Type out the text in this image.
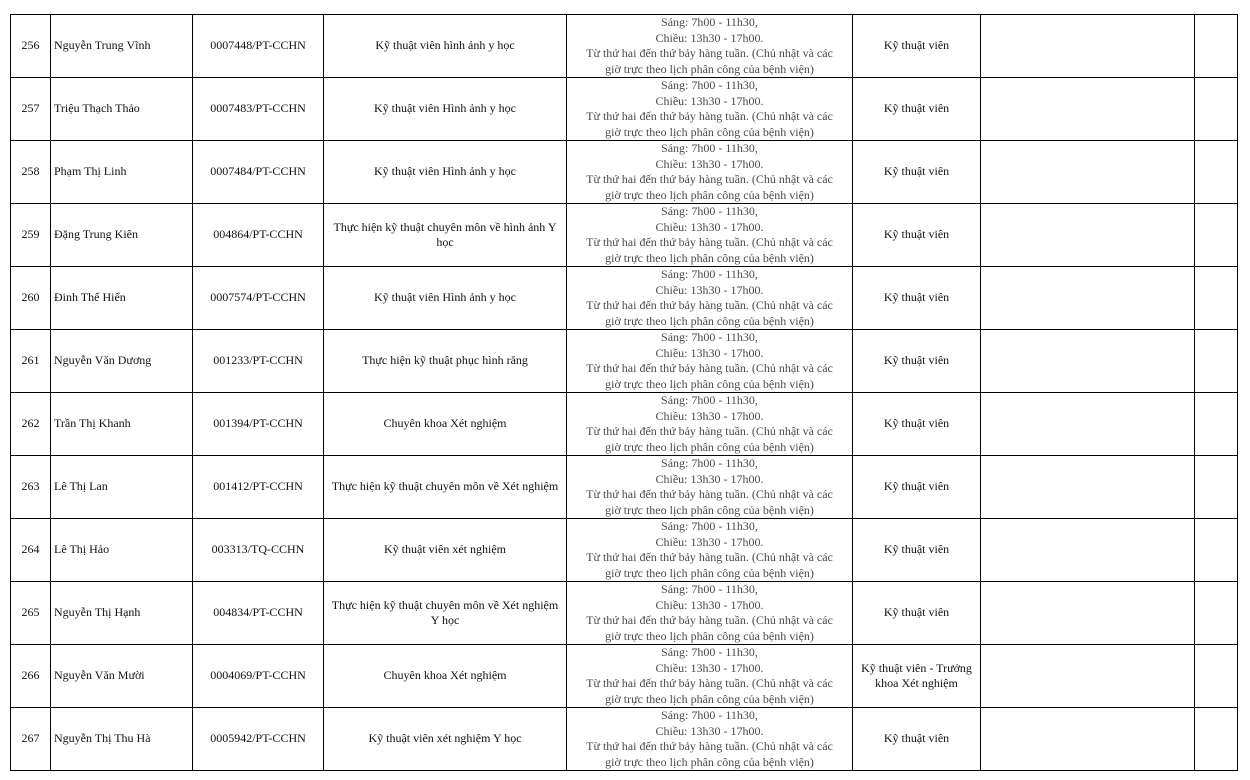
256	Nguyễn Trung Vĩnh	0007448/PT-CCHN	Kỹ thuật viên hình ảnh y học	Sáng: 7h00 - 11h30,
Chiều: 13h30 - 17h00.
Từ thứ hai đến thứ bảy hàng tuần. (Chủ nhật và các
giờ trực theo lịch phân công của bệnh viện)	Kỹ thuật viên		
257	Triệu Thạch Thảo	0007483/PT-CCHN	Kỹ thuật viên Hình ảnh y học	Sáng: 7h00 - 11h30,
Chiều: 13h30 - 17h00.
Từ thứ hai đến thứ bảy hàng tuần. (Chủ nhật và các
giờ trực theo lịch phân công của bệnh viện)	Kỹ thuật viên		
258	Phạm Thị Linh	0007484/PT-CCHN	Kỹ thuật viên Hình ảnh y học	Sáng: 7h00 - 11h30,
Chiều: 13h30 - 17h00.
Từ thứ hai đến thứ bảy hàng tuần. (Chủ nhật và các
giờ trực theo lịch phân công của bệnh viện)	Kỹ thuật viên		
259	Đặng Trung Kiên	004864/PT-CCHN	Thực hiện kỹ thuật chuyên môn về hình ảnh Y học	Sáng: 7h00 - 11h30,
Chiều: 13h30 - 17h00.
Từ thứ hai đến thứ bảy hàng tuần. (Chủ nhật và các
giờ trực theo lịch phân công của bệnh viện)	Kỹ thuật viên		
260	Đinh Thế Hiển	0007574/PT-CCHN	Kỹ thuật viên Hình ảnh y học	Sáng: 7h00 - 11h30,
Chiều: 13h30 - 17h00.
Từ thứ hai đến thứ bảy hàng tuần. (Chủ nhật và các
giờ trực theo lịch phân công của bệnh viện)	Kỹ thuật viên		
261	Nguyễn Văn Dương	001233/PT-CCHN	Thực hiện kỹ thuật phục hình răng	Sáng: 7h00 - 11h30,
Chiều: 13h30 - 17h00.
Từ thứ hai đến thứ bảy hàng tuần. (Chủ nhật và các
giờ trực theo lịch phân công của bệnh viện)	Kỹ thuật viên		
262	Trần Thị Khanh	001394/PT-CCHN	Chuyên khoa Xét nghiệm	Sáng: 7h00 - 11h30,
Chiều: 13h30 - 17h00.
Từ thứ hai đến thứ bảy hàng tuần. (Chủ nhật và các
giờ trực theo lịch phân công của bệnh viện)	Kỹ thuật viên		
263	Lê Thị Lan	001412/PT-CCHN	Thực hiện kỹ thuật chuyên môn về Xét nghiệm	Sáng: 7h00 - 11h30,
Chiều: 13h30 - 17h00.
Từ thứ hai đến thứ bảy hàng tuần. (Chủ nhật và các
giờ trực theo lịch phân công của bệnh viện)	Kỹ thuật viên		
264	Lê Thị Hảo	003313/TQ-CCHN	Kỹ thuật viên xét nghiệm	Sáng: 7h00 - 11h30,
Chiều: 13h30 - 17h00.
Từ thứ hai đến thứ bảy hàng tuần. (Chủ nhật và các
giờ trực theo lịch phân công của bệnh viện)	Kỹ thuật viên		
265	Nguyễn Thị Hạnh	004834/PT-CCHN	Thực hiện kỹ thuật chuyên môn về Xét nghiệm Y học	Sáng: 7h00 - 11h30,
Chiều: 13h30 - 17h00.
Từ thứ hai đến thứ bảy hàng tuần. (Chủ nhật và các
giờ trực theo lịch phân công của bệnh viện)	Kỹ thuật viên		
266	Nguyễn Văn Mười	0004069/PT-CCHN	Chuyên khoa Xét nghiệm	Sáng: 7h00 - 11h30,
Chiều: 13h30 - 17h00.
Từ thứ hai đến thứ bảy hàng tuần. (Chủ nhật và các
giờ trực theo lịch phân công của bệnh viện)	Kỹ thuật viên - Trưởng khoa Xét nghiệm		
267	Nguyễn Thị Thu Hà	0005942/PT-CCHN	Kỹ thuật viên xét nghiệm Y học	Sáng: 7h00 - 11h30,
Chiều: 13h30 - 17h00.
Từ thứ hai đến thứ bảy hàng tuần. (Chủ nhật và các
giờ trực theo lịch phân công của bệnh viện)	Kỹ thuật viên		
